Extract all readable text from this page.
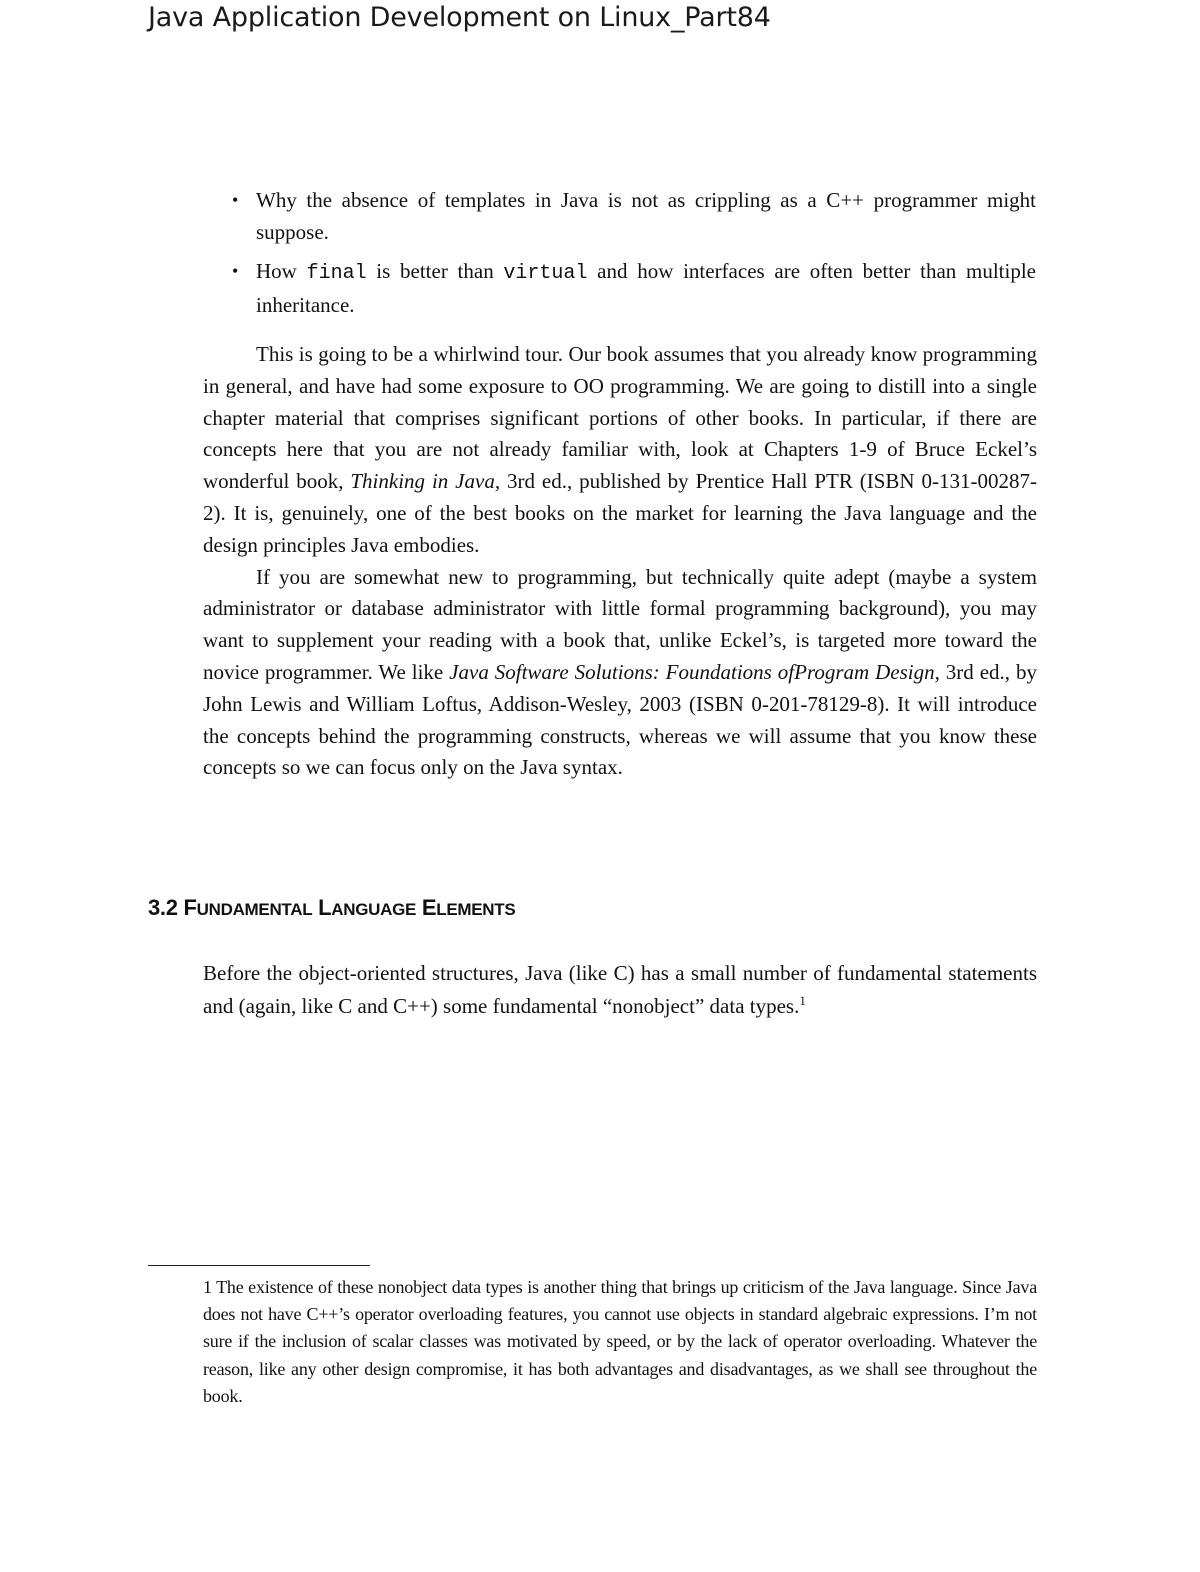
Java Application Development on Linux_Part84
• Why the absence of templates in Java is not as crippling as a C++ programmer might suppose.
• How final is better than virtual and how interfaces are often better than multiple inheritance.

This is going to be a whirlwind tour. Our book assumes that you already know programming in general, and have had some exposure to OO programming. We are going to distill into a single chapter material that comprises significant portions of other books. In particular, if there are concepts here that you are not already familiar with, look at Chapters 1-9 of Bruce Eckel’s wonderful book, Thinking in Java, 3rd ed., published by Prentice Hall PTR (ISBN 0-131-00287-2). It is, genuinely, one of the best books on the market for learning the Java language and the design principles Java embodies.

If you are somewhat new to programming, but technically quite adept (maybe a system administrator or database administrator with little formal programming background), you may want to supplement your reading with a book that, unlike Eckel’s, is targeted more toward the novice programmer. We like Java Software Solutions: Foundations ofProgram Design, 3rd ed., by John Lewis and William Loftus, Addison-Wesley, 2003 (ISBN 0-201-78129-8). It will introduce the concepts behind the programming constructs, whereas we will assume that you know these concepts so we can focus only on the Java syntax.

3.2 FUNDAMENTAL LANGUAGE ELEMENTS

Before the object-oriented structures, Java (like C) has a small number of fundamental statements and (again, like C and C++) some fundamental “nonobject” data types.$^1$

1 The existence of these nonobject data types is another thing that brings up criticism of the Java language. Since Java does not have C++’s operator overloading features, you cannot use objects in standard algebraic expressions. I’m not sure if the inclusion of scalar classes was motivated by speed, or by the lack of operator overloading. Whatever the reason, like any other design compromise, it has both advantages and disadvantages, as we shall see throughout the book.
